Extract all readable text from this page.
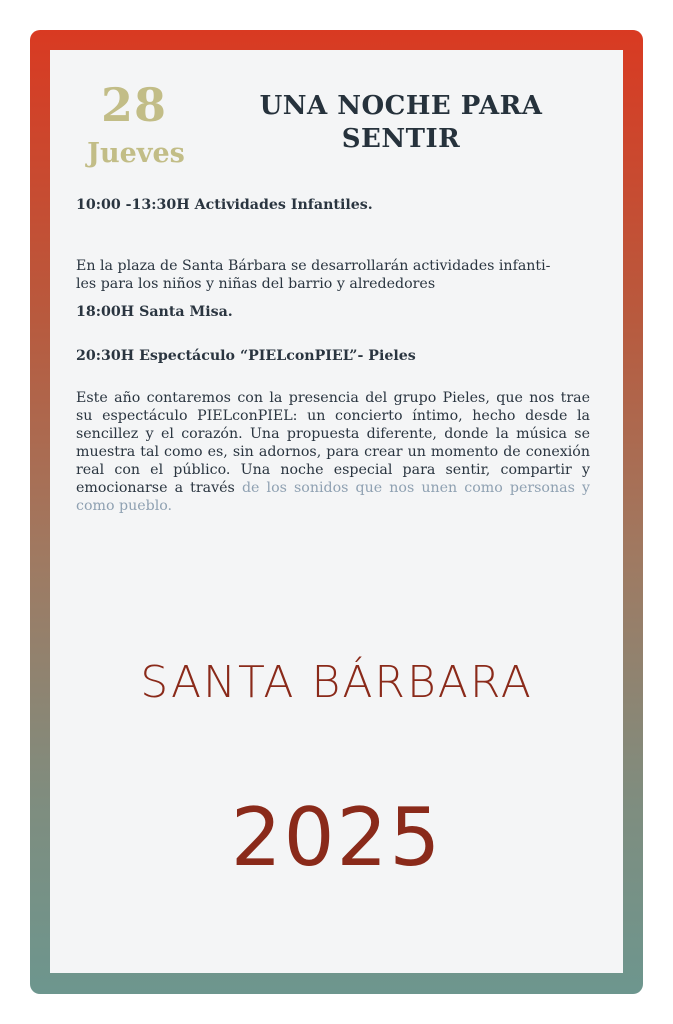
28
Jueves
UNA NOCHE PARA
SENTIR
10:00 -13:30H Actividades Infantiles.
En la plaza de Santa Bárbara se desarrollarán actividades infanti-
les para los niños y niñas del barrio y alrededores
18:00H Santa Misa.
20:30H Espectáculo “PIELconPIEL”- Pieles
Este año contaremos con la presencia del grupo Pieles, que nos trae su espectáculo PIELconPIEL: un concierto íntimo, hecho desde la sencillez y el corazón. Una propuesta diferente, donde la música se muestra tal como es, sin adornos, para crear un momento de conexión real con el público. Una noche especial para sentir, compartir y emocionarse a través de los sonidos que nos unen como personas y como pueblo.
SANTA BÁRBARA
2025
